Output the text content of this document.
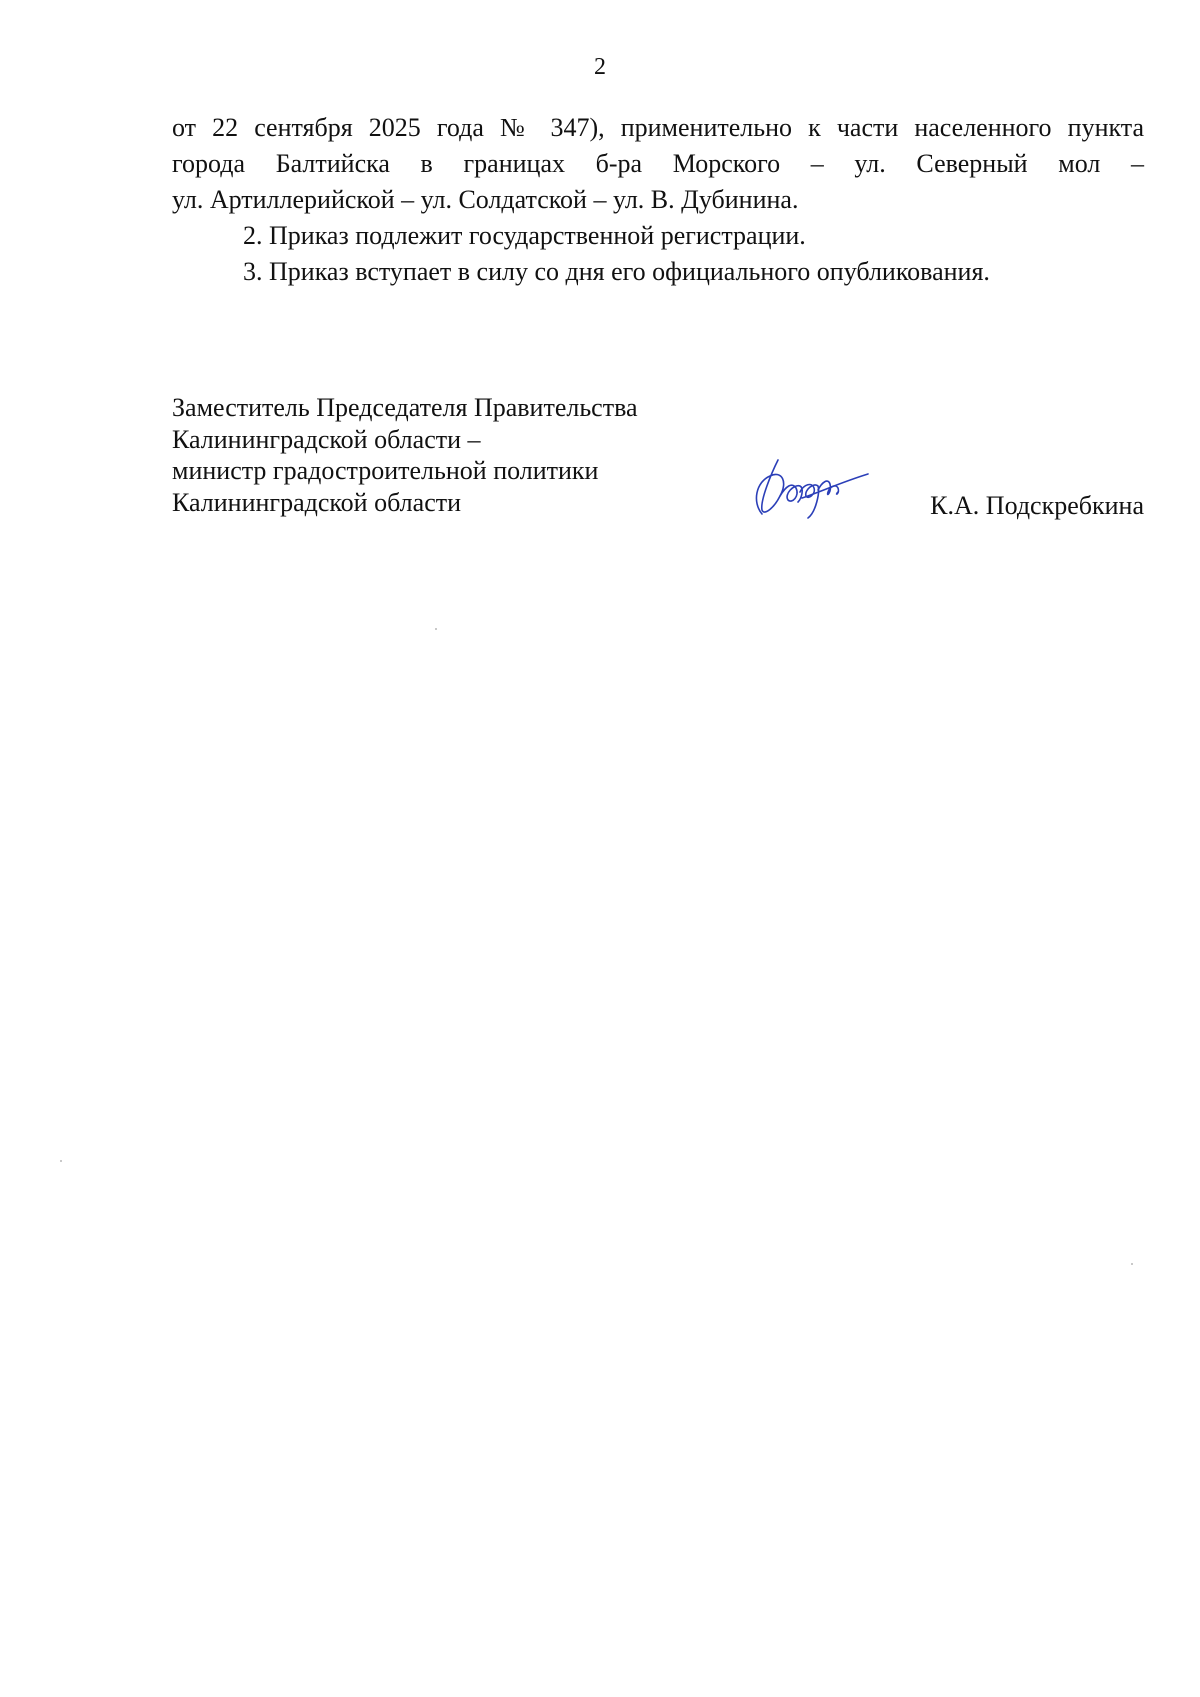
2
от 22 сентября 2025 года № 347), применительно к части населенного пункта
города Балтийска в границах б-ра Морского – ул. Северный мол –
ул. Артиллерийской – ул. Солдатской – ул. В. Дубинина.
2. Приказ подлежит государственной регистрации.
3. Приказ вступает в силу со дня его официального опубликования.
Заместитель Председателя Правительства
Калининградской области –
министр градостроительной политики
Калининградской области	К.А. Подскребкина
